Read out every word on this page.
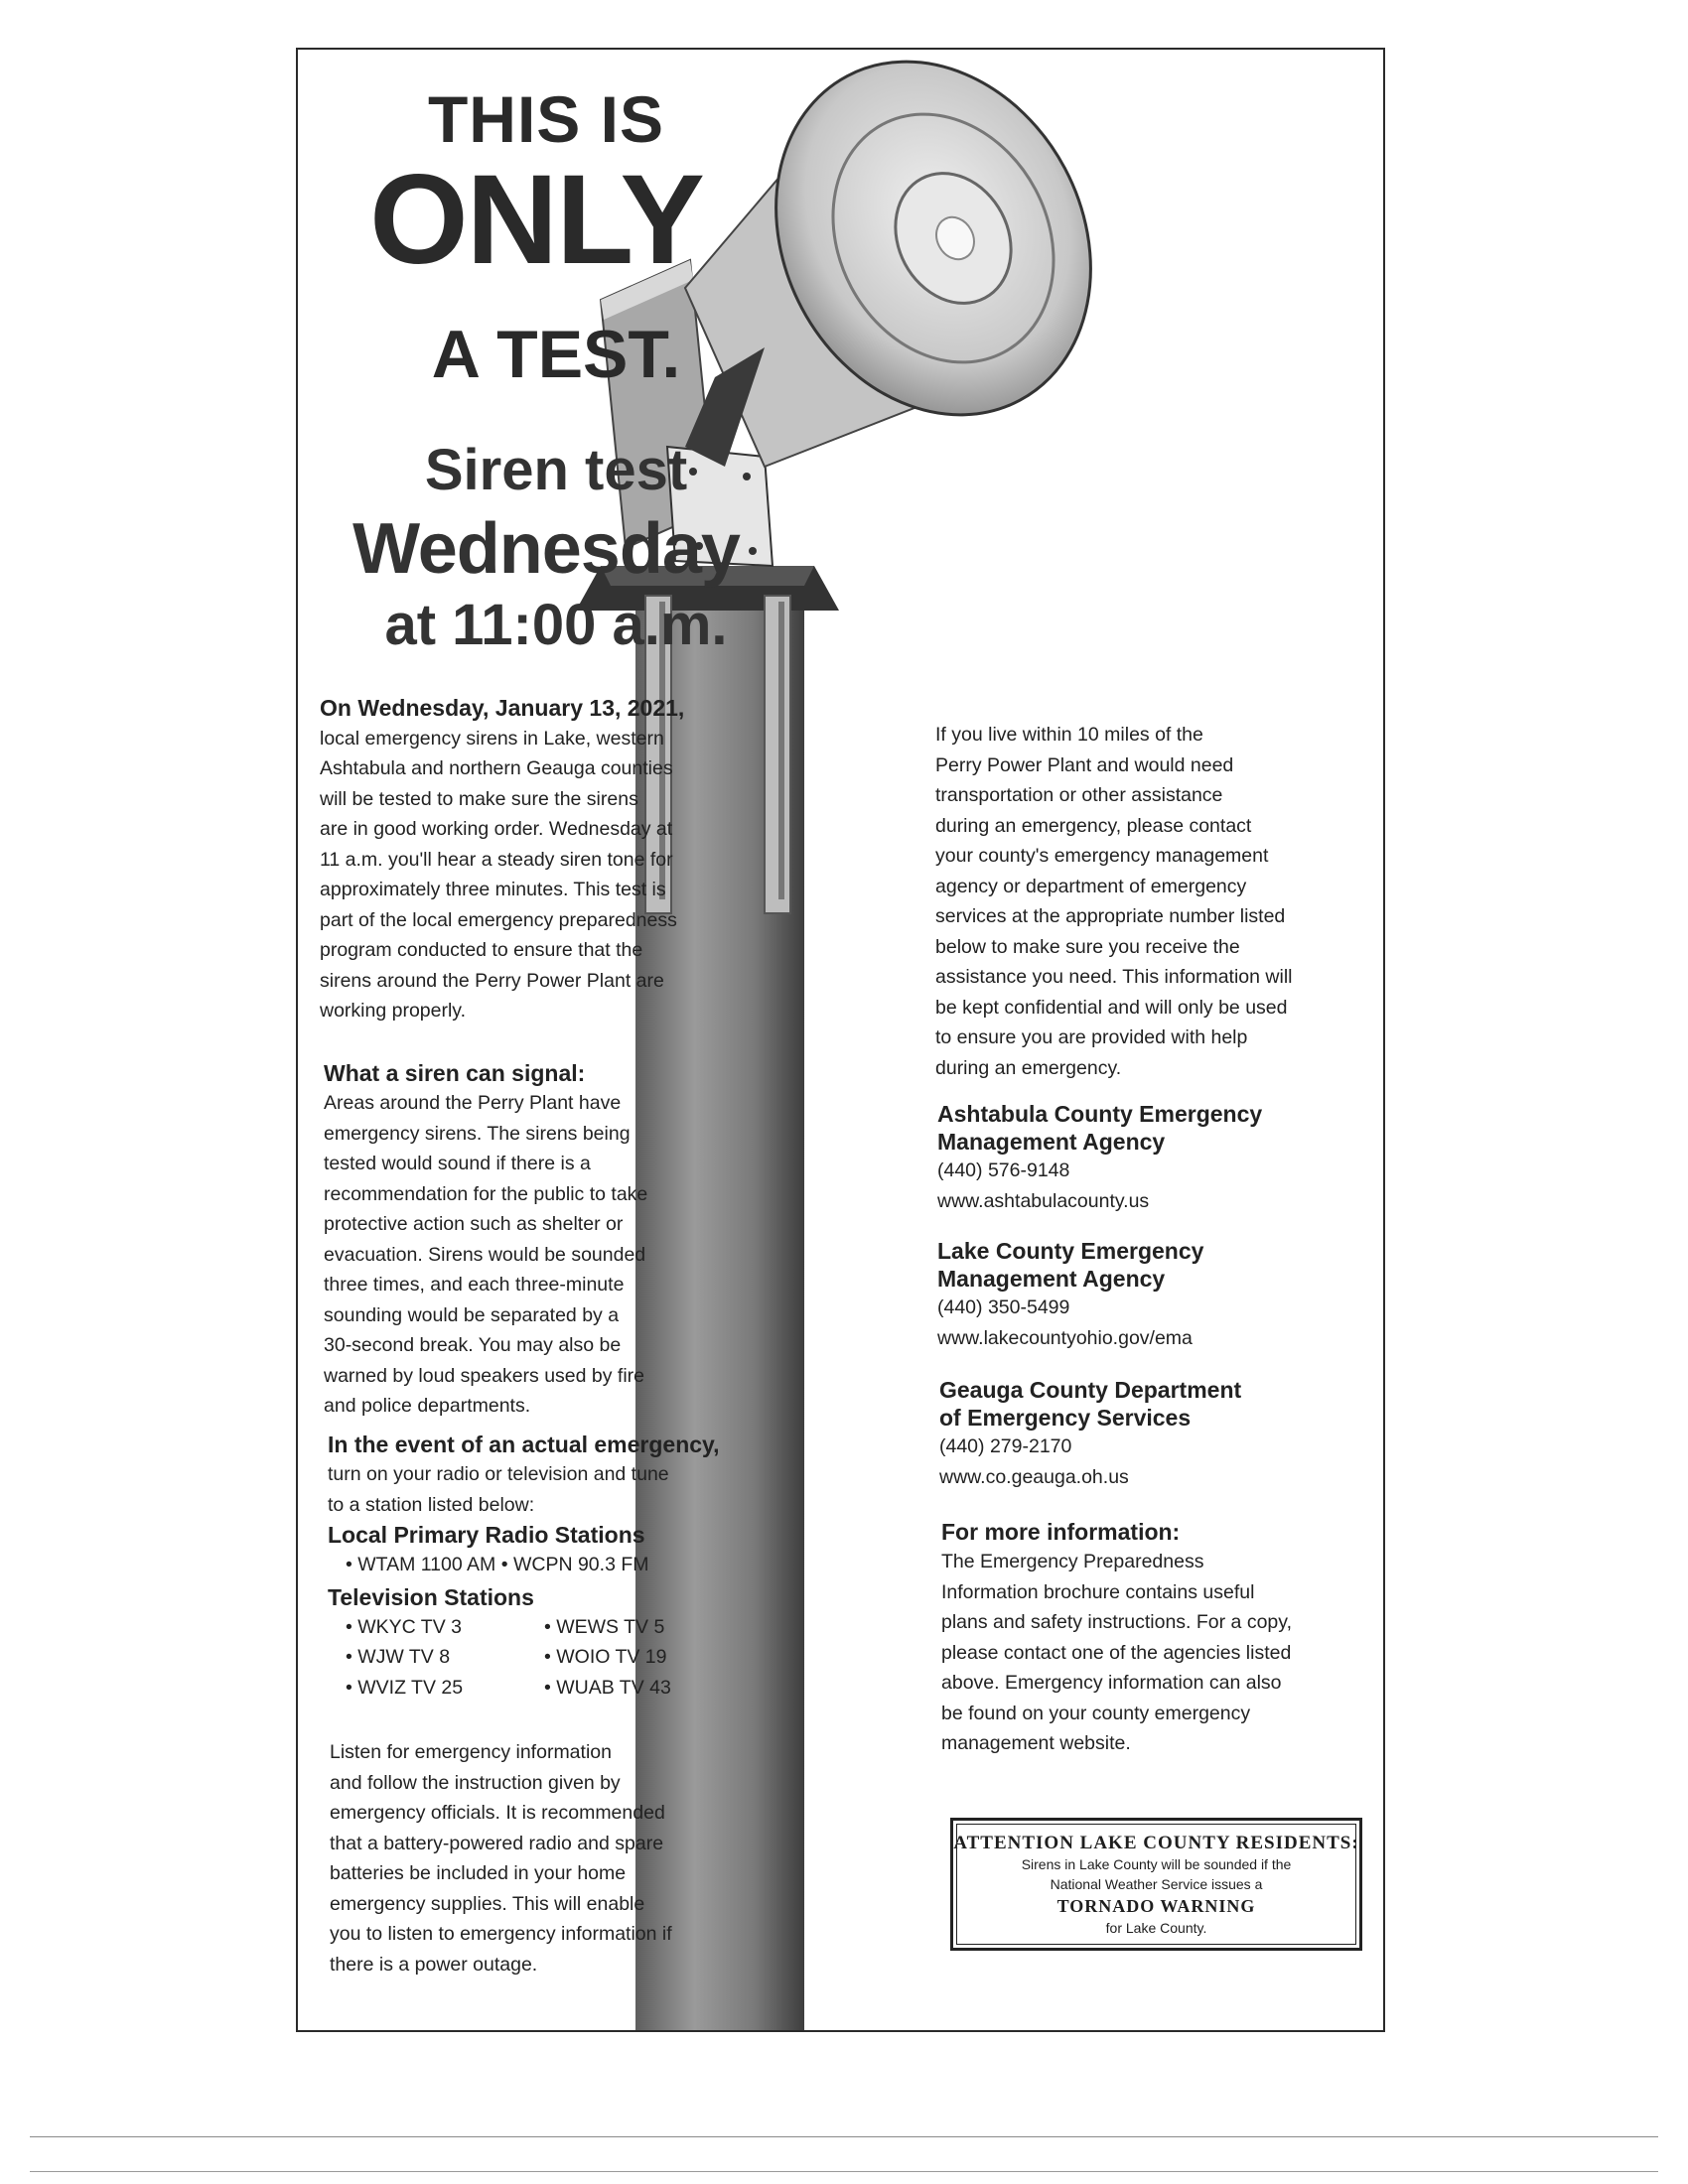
THIS IS
ONLY
A TEST.
Siren test
Wednesday
at 11:00 a.m.
On Wednesday, January 13, 2021,
local emergency sirens in Lake, western
Ashtabula and northern Geauga counties
will be tested to make sure the sirens
are in good working order. Wednesday at
11 a.m. you'll hear a steady siren tone for
approximately three minutes. This test is
part of the local emergency preparedness
program conducted to ensure that the
sirens around the Perry Power Plant are
working properly.
What a siren can signal:
Areas around the Perry Plant have
emergency sirens. The sirens being
tested would sound if there is a
recommendation for the public to take
protective action such as shelter or
evacuation. Sirens would be sounded
three times, and each three-minute
sounding would be separated by a
30-second break. You may also be
warned by loud speakers used by fire
and police departments.
In the event of an actual emergency,
turn on your radio or television and tune
to a station listed below:
Local Primary Radio Stations
• WTAM 1100 AM • WCPN 90.3 FM
Television Stations
• WKYC TV 3
• WJW TV 8
• WVIZ TV 25
• WEWS TV 5
• WOIO TV 19
• WUAB TV 43
Listen for emergency information
and follow the instruction given by
emergency officials. It is recommended
that a battery-powered radio and spare
batteries be included in your home
emergency supplies. This will enable
you to listen to emergency information if
there is a power outage.
If you live within 10 miles of the
Perry Power Plant and would need
transportation or other assistance
during an emergency, please contact
your county's emergency management
agency or department of emergency
services at the appropriate number listed
below to make sure you receive the
assistance you need. This information will
be kept confidential and will only be used
to ensure you are provided with help
during an emergency.
Ashtabula County Emergency
Management Agency
(440) 576-9148
www.ashtabulacounty.us
Lake County Emergency
Management Agency
(440) 350-5499
www.lakecountyohio.gov/ema
Geauga County Department
of Emergency Services
(440) 279-2170
www.co.geauga.oh.us
For more information:
The Emergency Preparedness
Information brochure contains useful
plans and safety instructions. For a copy,
please contact one of the agencies listed
above. Emergency information can also
be found on your county emergency
management website.
ATTENTION LAKE COUNTY RESIDENTS:
Sirens in Lake County will be sounded if the
National Weather Service issues a
TORNADO WARNING
for Lake County.
